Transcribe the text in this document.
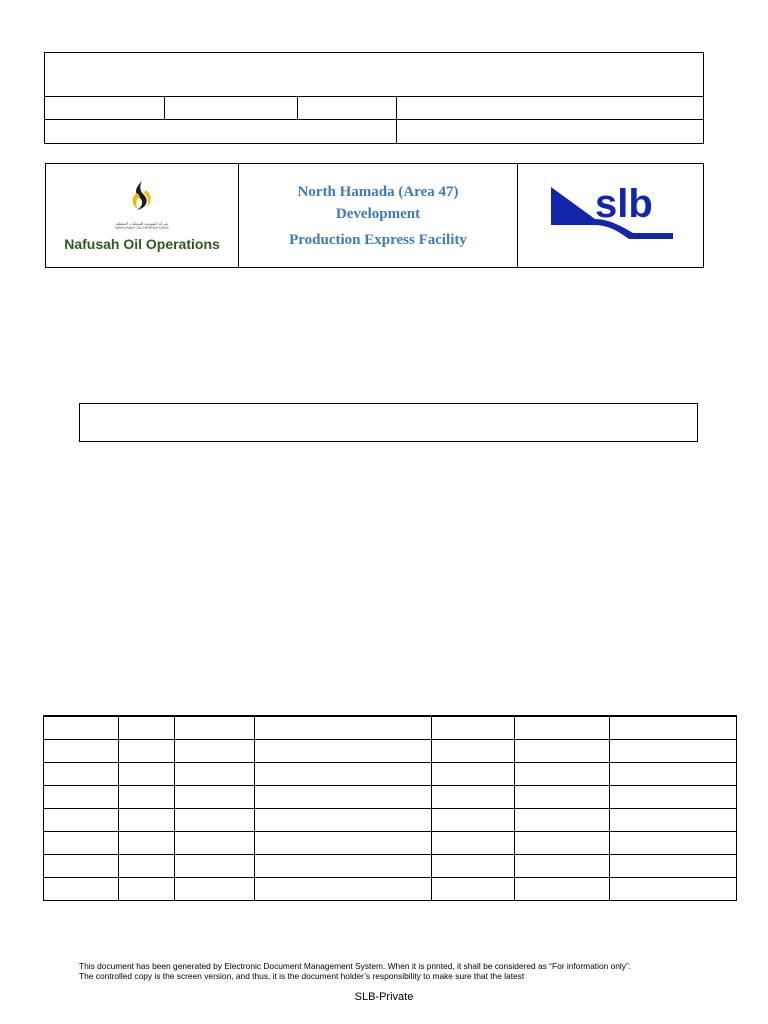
شركة النفوسة للعمليات النفطية
NAFUSAH OIL OPERATIONS
Nafusah Oil Operations

North Hamada (Area 47)
Development
Production Express Facility

slb

This document has been generated by Electronic Document Management System. When it is printed, it shall be considered as “For information only”.
The controlled copy is the screen version, and thus, it is the document holder’s responsibility to make sure that the latest
SLB-Private
